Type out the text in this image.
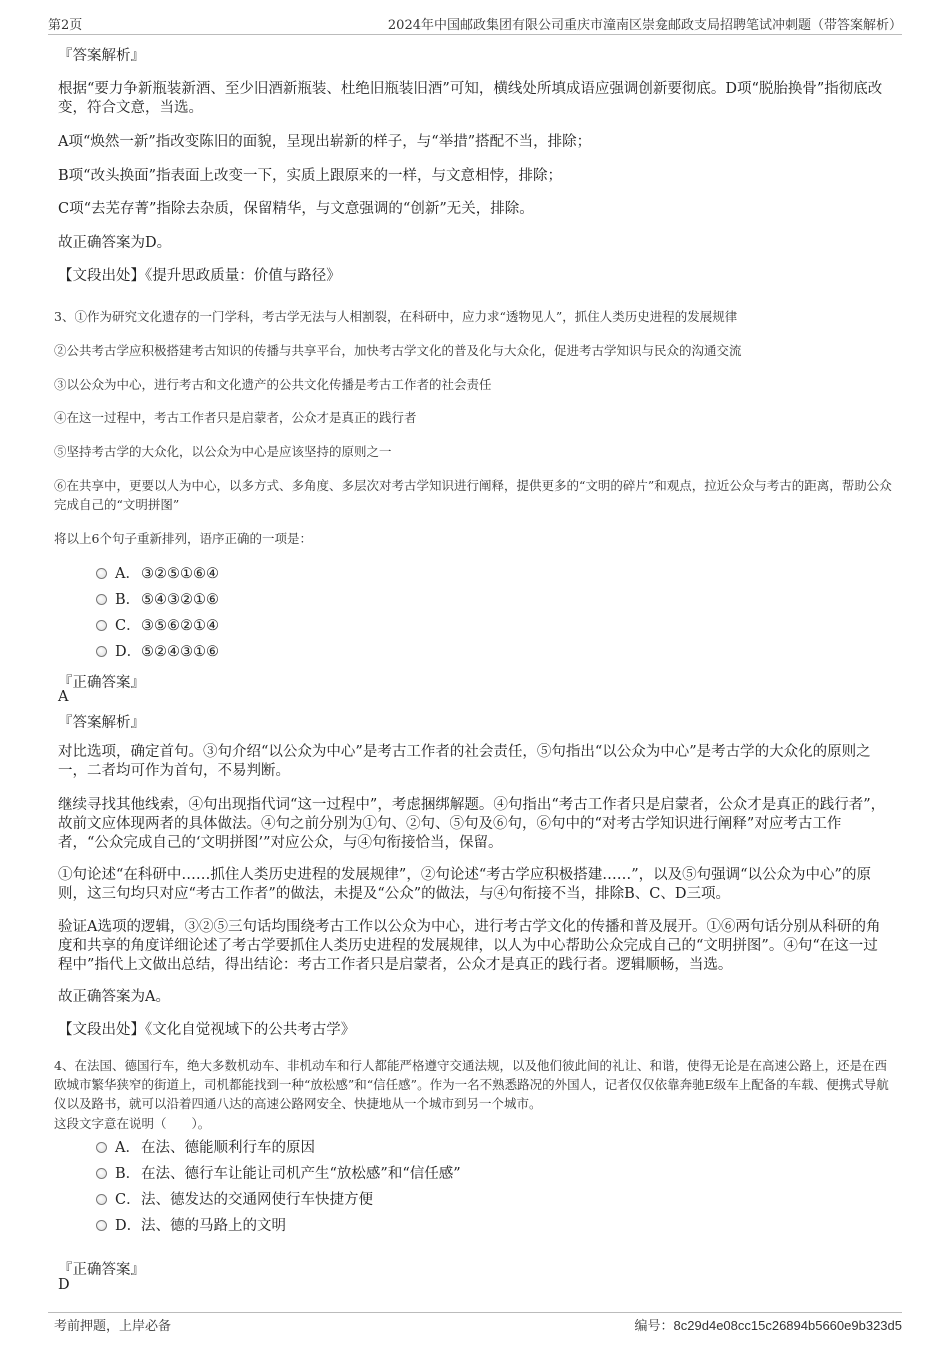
第2页	2024年中国邮政集团有限公司重庆市潼南区崇龛邮政支局招聘笔试冲刺题（带答案解析）
『答案解析』
根据“要力争新瓶装新酒、至少旧酒新瓶装、杜绝旧瓶装旧酒”可知，横线处所填成语应强调创新要彻底。D项“脱胎换骨”指彻底改变，符合文意，当选。
A项“焕然一新”指改变陈旧的面貌，呈现出崭新的样子，与“举措”搭配不当，排除；
B项“改头换面”指表面上改变一下，实质上跟原来的一样，与文意相悖，排除；
C项“去芜存菁”指除去杂质，保留精华，与文意强调的“创新”无关，排除。
故正确答案为D。
【文段出处】《提升思政质量：价值与路径》
3、①作为研究文化遗存的一门学科，考古学无法与人相割裂，在科研中，应力求“透物见人”，抓住人类历史进程的发展规律
②公共考古学应积极搭建考古知识的传播与共享平台，加快考古学文化的普及化与大众化，促进考古学知识与民众的沟通交流
③以公众为中心，进行考古和文化遗产的公共文化传播是考古工作者的社会责任
④在这一过程中，考古工作者只是启蒙者，公众才是真正的践行者
⑤坚持考古学的大众化，以公众为中心是应该坚持的原则之一
⑥在共享中，更要以人为中心，以多方式、多角度、多层次对考古学知识进行阐释，提供更多的“文明的碎片”和观点，拉近公众与考古的距离，帮助公众完成自己的“文明拼图”
将以上6个句子重新排列，语序正确的一项是：
A．③②⑤①⑥④
B．⑤④③②①⑥
C．③⑤⑥②①④
D．⑤②④③①⑥
『正确答案』
A
『答案解析』
对比选项，确定首句。③句介绍“以公众为中心”是考古工作者的社会责任，⑤句指出“以公众为中心”是考古学的大众化的原则之一，二者均可作为首句，不易判断。
继续寻找其他线索，④句出现指代词“这一过程中”，考虑捆绑解题。④句指出“考古工作者只是启蒙者，公众才是真正的践行者”，故前文应体现两者的具体做法。④句之前分别为①句、②句、⑤句及⑥句，⑥句中的“对考古学知识进行阐释”对应考古工作者，“公众完成自己的‘文明拼图’”对应公众，与④句衔接恰当，保留。
①句论述“在科研中……抓住人类历史进程的发展规律”，②句论述“考古学应积极搭建……”，以及⑤句强调“以公众为中心”的原则，这三句均只对应“考古工作者”的做法，未提及“公众”的做法，与④句衔接不当，排除B、C、D三项。
验证A选项的逻辑，③②⑤三句话均围绕考古工作以公众为中心，进行考古学文化的传播和普及展开。①⑥两句话分别从科研的角度和共享的角度详细论述了考古学要抓住人类历史进程的发展规律，以人为中心帮助公众完成自己的“文明拼图”。④句“在这一过程中”指代上文做出总结，得出结论：考古工作者只是启蒙者，公众才是真正的践行者。逻辑顺畅，当选。
故正确答案为A。
【文段出处】《文化自觉视域下的公共考古学》
4、在法国、德国行车，绝大多数机动车、非机动车和行人都能严格遵守交通法规，以及他们彼此间的礼让、和谐，使得无论是在高速公路上，还是在西欧城市繁华狭窄的街道上，司机都能找到一种“放松感”和“信任感”。作为一名不熟悉路况的外国人，记者仅仅依靠奔驰E级车上配备的车载、便携式导航仪以及路书，就可以沿着四通八达的高速公路网安全、快捷地从一个城市到另一个城市。
这段文字意在说明（　　）。
A．在法、德能顺利行车的原因
B．在法、德行车让能让司机产生“放松感”和“信任感”
C．法、德发达的交通网使行车快捷方便
D．法、德的马路上的文明
『正确答案』
D
考前押题，上岸必备	编号：8c29d4e08cc15c26894b5660e9b323d5
